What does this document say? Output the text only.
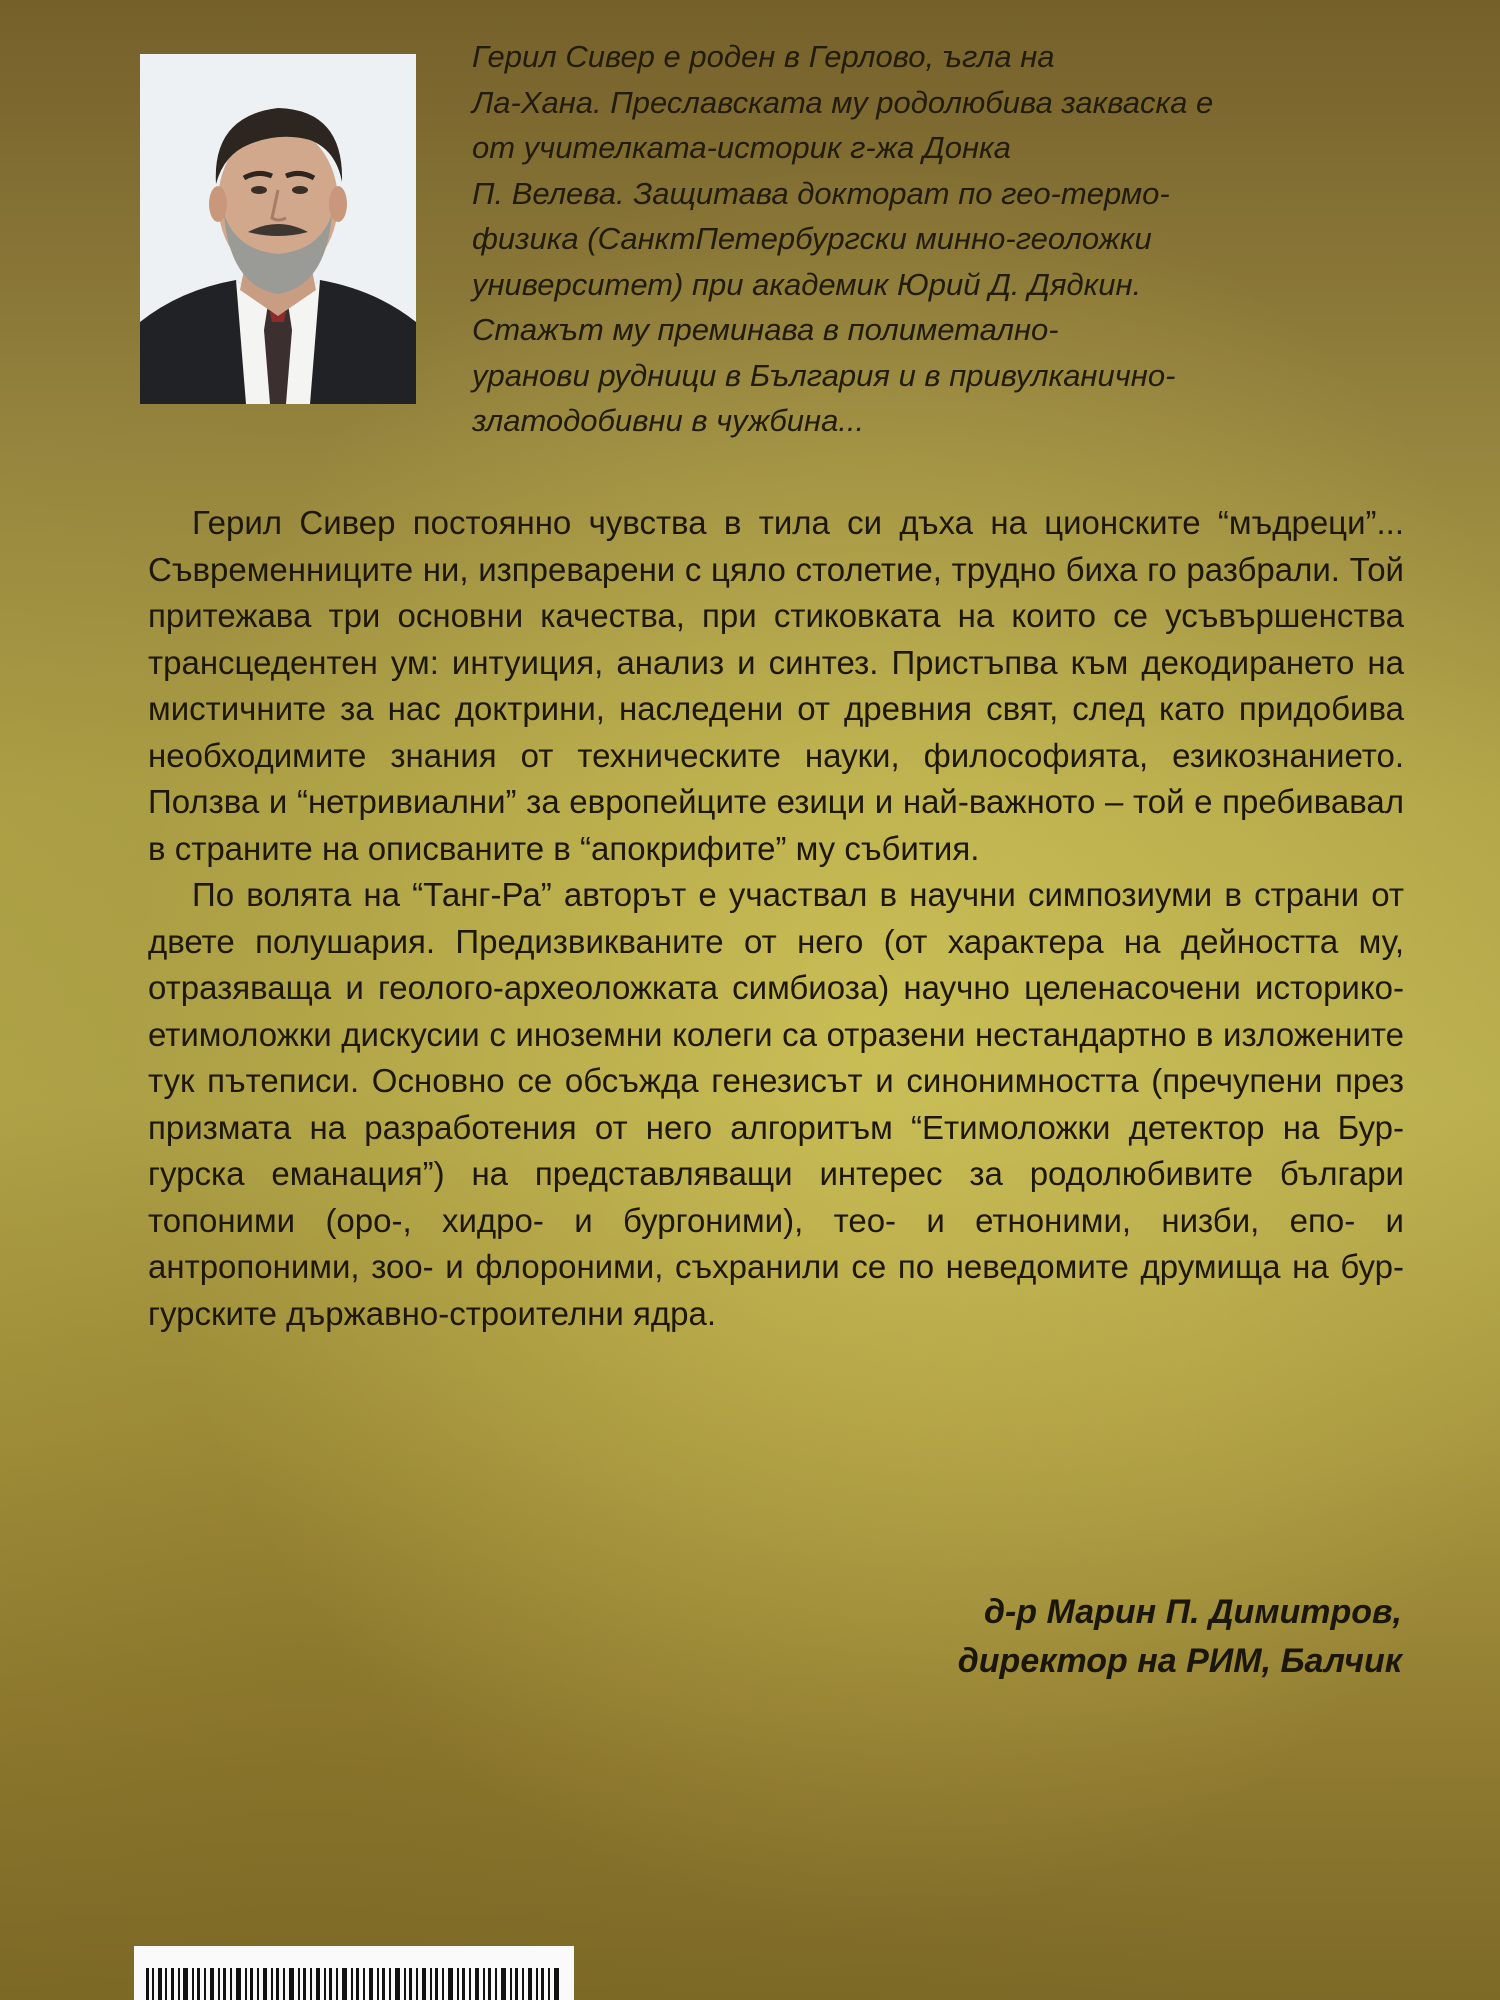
Герил Сивер е роден в Герлово, ъгла на
Ла-Хана. Преславската му родолюбива закваска е
от учителката-историк г-жа Донка
П. Велева. Защитава докторат по гео-термо-
физика (СанктПетербургски минно-геоложки
университет) при академик Юрий Д. Дядкин.
Стажът му преминава в полиметално-
уранови рудници в България и в привулканично-
златодобивни в чужбина...

Герил Сивер постоянно чувства в тила си дъха на ционските “мъдреци”... Съвременниците ни, изпреварени с цяло столетие, трудно биха го разбрали. Той притежава три основни качества, при стиковката на които се усъвършенства трансцедентен ум: интуиция, анализ и синтез. Пристъпва към декодирането на мистичните за нас доктрини, наследени от древния свят, след като придобива необходимите знания от техническите науки, философията, езикознанието. Ползва и “нетривиални” за европейците езици и най-важното – той е пребивавал в страните на описваните в “апокрифите” му събития.

По волята на “Танг-Ра” авторът е участвал в научни симпозиуми в страни от двете полушария. Предизвикваните от него (от характера на дейността му, отразяваща и геолого-археоложката симбиоза) научно целенасочени историко-етимоложки дискусии с иноземни колеги са отразени нестандартно в изложените тук пътеписи. Основно се обсъжда генезисът и синонимността (пречупени през призмата на разработения от него алгоритъм “Етимоложки детектор на Бур-гурска еманация”) на представляващи интерес за родолюбивите българи топоними (оро-, хидро- и бургоними), тео- и етноними, низби, епо- и антропоними, зоо- и флороними, съхранили се по неведомите друмища на бур-гурските държавно-строителни ядра.

д-р Марин П. Димитров,
директор на РИМ, Балчик
